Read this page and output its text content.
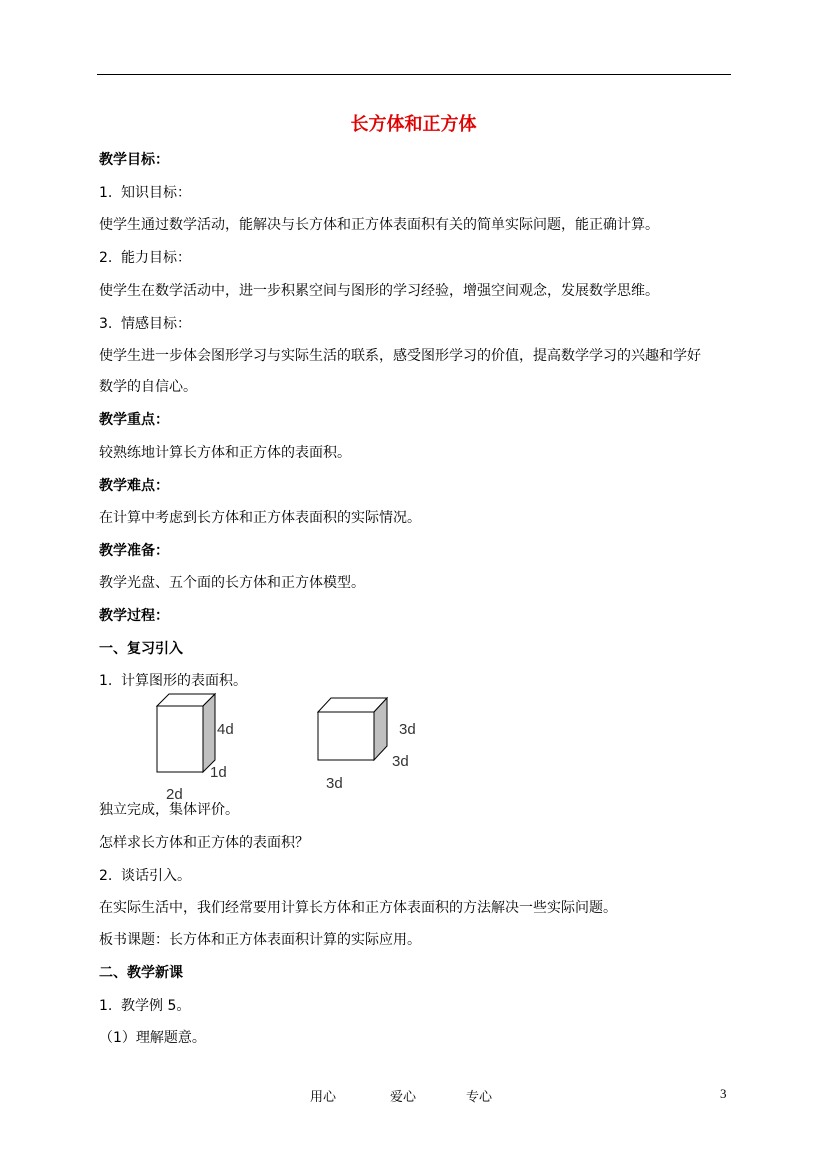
长方体和正方体
教学目标：
1. 知识目标：
使学生通过数学活动，能解决与长方体和正方体表面积有关的简单实际问题，能正确计算。
2. 能力目标：
使学生在数学活动中，进一步积累空间与图形的学习经验，增强空间观念，发展数学思维。
3. 情感目标：
使学生进一步体会图形学习与实际生活的联系，感受图形学习的价值，提高数学学习的兴趣和学好
数学的自信心。
教学重点：
较熟练地计算长方体和正方体的表面积。
教学难点：
在计算中考虑到长方体和正方体表面积的实际情况。
教学准备：
教学光盘、五个面的长方体和正方体模型。
教学过程：
一、复习引入
1. 计算图形的表面积。
4d
1d
2d
3d
3d
3d
独立完成，集体评价。
怎样求长方体和正方体的表面积？
2. 谈话引入。
在实际生活中，我们经常要用计算长方体和正方体表面积的方法解决一些实际问题。
板书课题：长方体和正方体表面积计算的实际应用。
二、教学新课
1. 教学例 5。
（1）理解题意。
用心	爱心	专心	3
